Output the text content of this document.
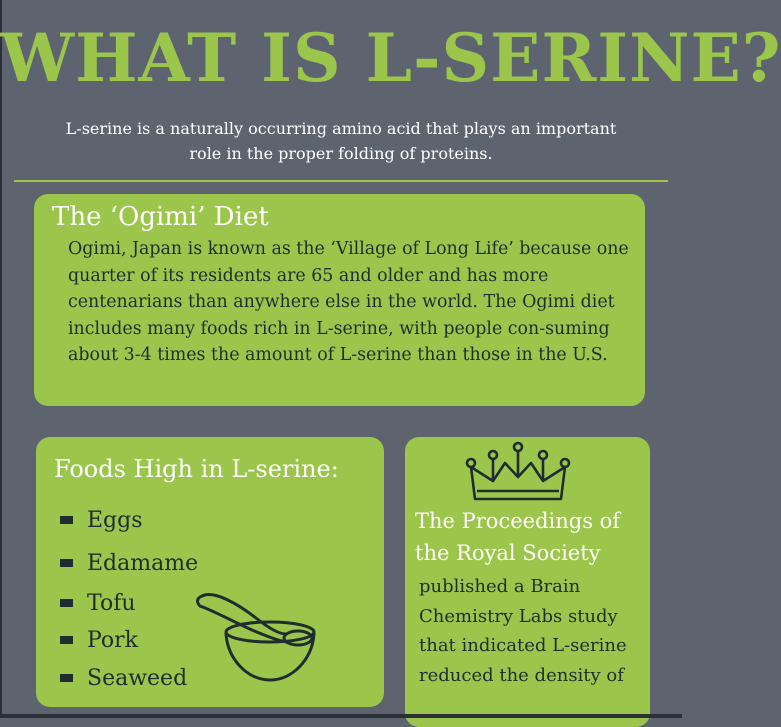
WHAT IS L-SERINE?

L-serine is a naturally occurring amino acid that plays an important role in the proper folding of proteins.

The ‘Ogimi’ Diet

Ogimi, Japan is known as the ‘Village of Long Life’ because one quarter of its residents are 65 and older and has more centenarians than anywhere else in the world. The Ogimi diet includes many foods rich in L-serine, with people con-suming about 3-4 times the amount of L-serine than those in the U.S.

Foods High in L-serine:
Eggs
Edamame
Tofu
Pork
Seaweed
The Proceedings of the Royal Society

published a Brain Chemistry Labs study that indicated L-serine reduced the density of
